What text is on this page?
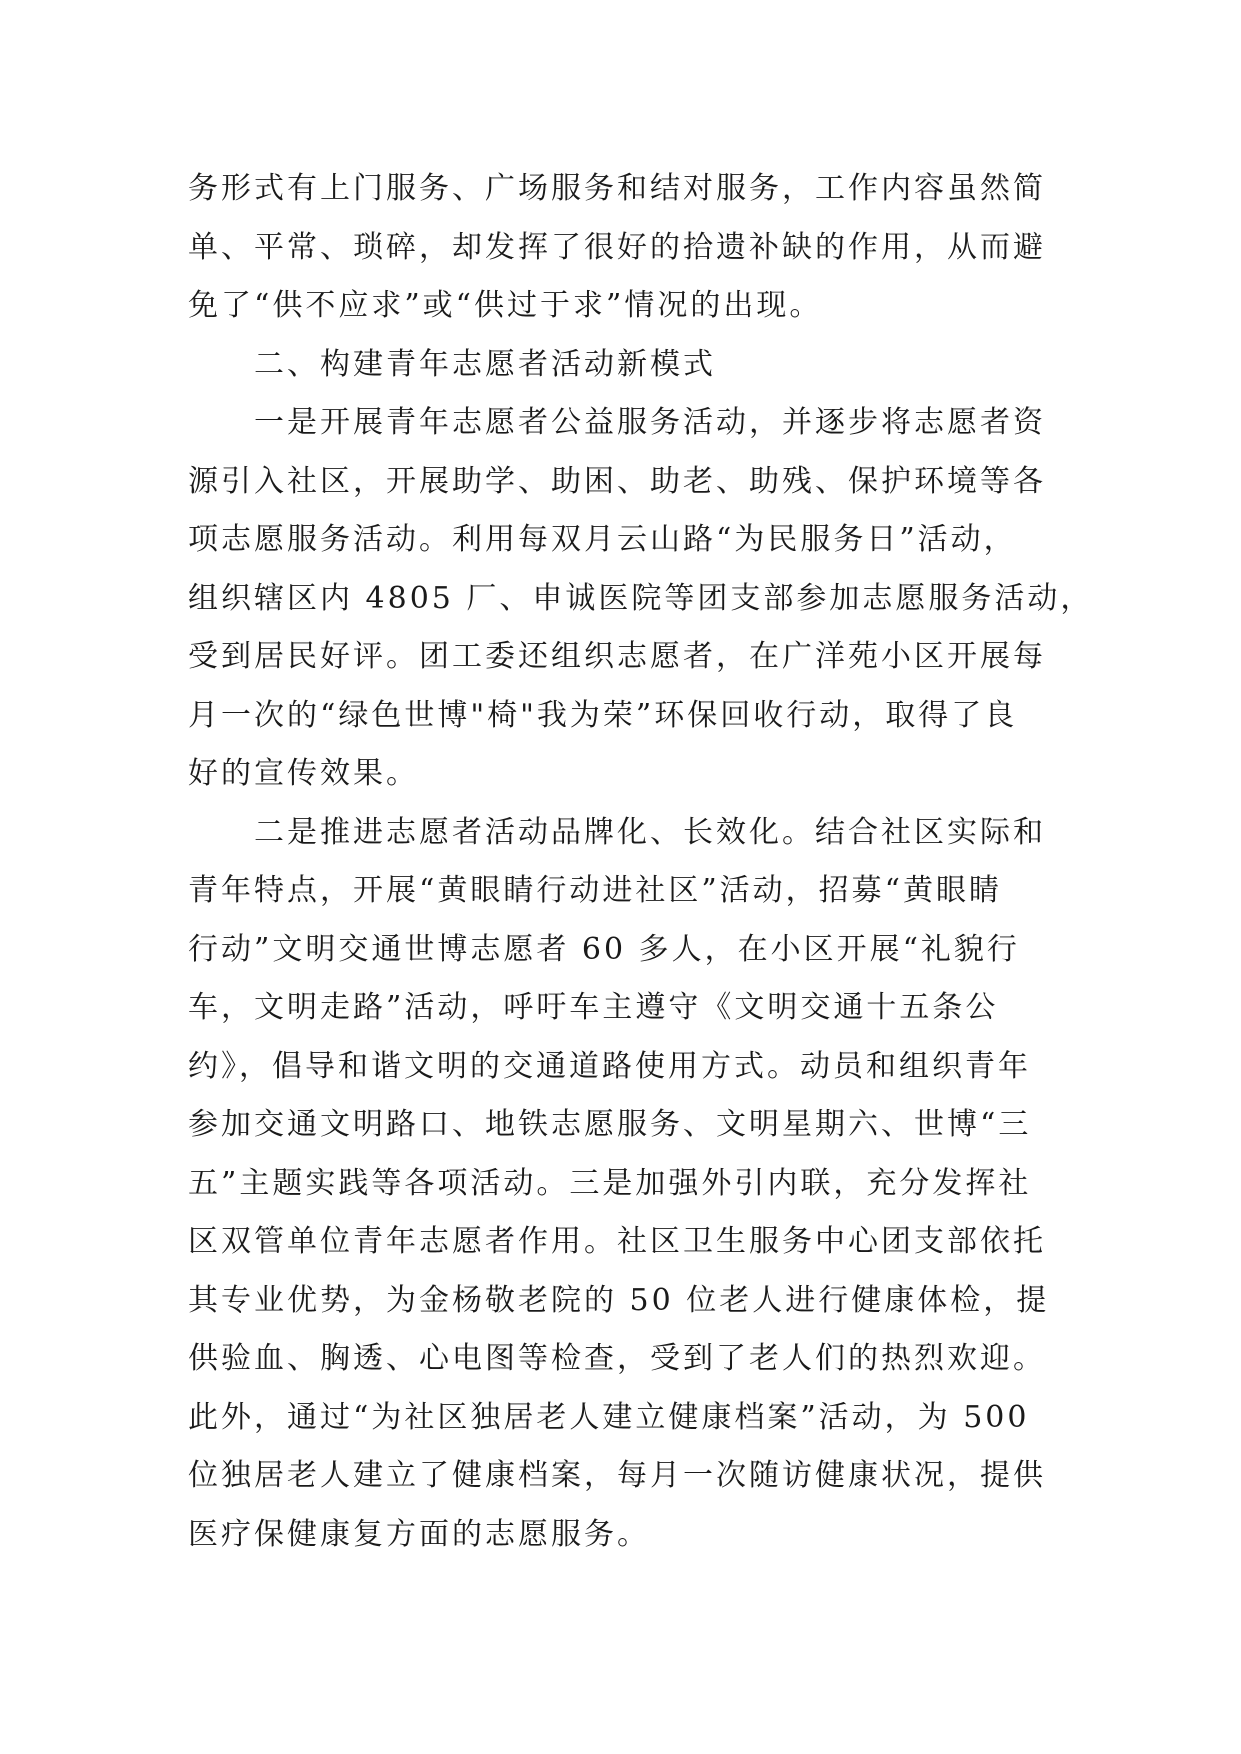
务形式有上门服务、广场服务和结对服务，工作内容虽然简
单、平常、琐碎，却发挥了很好的拾遗补缺的作用，从而避
免了“供不应求”或“供过于求”情况的出现。
二、构建青年志愿者活动新模式
一是开展青年志愿者公益服务活动，并逐步将志愿者资
源引入社区，开展助学、助困、助老、助残、保护环境等各
项志愿服务活动。利用每双月云山路“为民服务日”活动，
组织辖区内 4805 厂、申诚医院等团支部参加志愿服务活动，
受到居民好评。团工委还组织志愿者，在广洋苑小区开展每
月一次的“绿色世博"椅"我为荣”环保回收行动，取得了良
好的宣传效果。
二是推进志愿者活动品牌化、长效化。结合社区实际和
青年特点，开展“黄眼睛行动进社区”活动，招募“黄眼睛
行动”文明交通世博志愿者 60 多人，在小区开展“礼貌行
车，文明走路”活动，呼吁车主遵守《文明交通十五条公
约》，倡导和谐文明的交通道路使用方式。动员和组织青年
参加交通文明路口、地铁志愿服务、文明星期六、世博“三
五”主题实践等各项活动。三是加强外引内联，充分发挥社
区双管单位青年志愿者作用。社区卫生服务中心团支部依托
其专业优势，为金杨敬老院的 50 位老人进行健康体检，提
供验血、胸透、心电图等检查，受到了老人们的热烈欢迎。
此外，通过“为社区独居老人建立健康档案”活动，为 500
位独居老人建立了健康档案，每月一次随访健康状况，提供
医疗保健康复方面的志愿服务。
